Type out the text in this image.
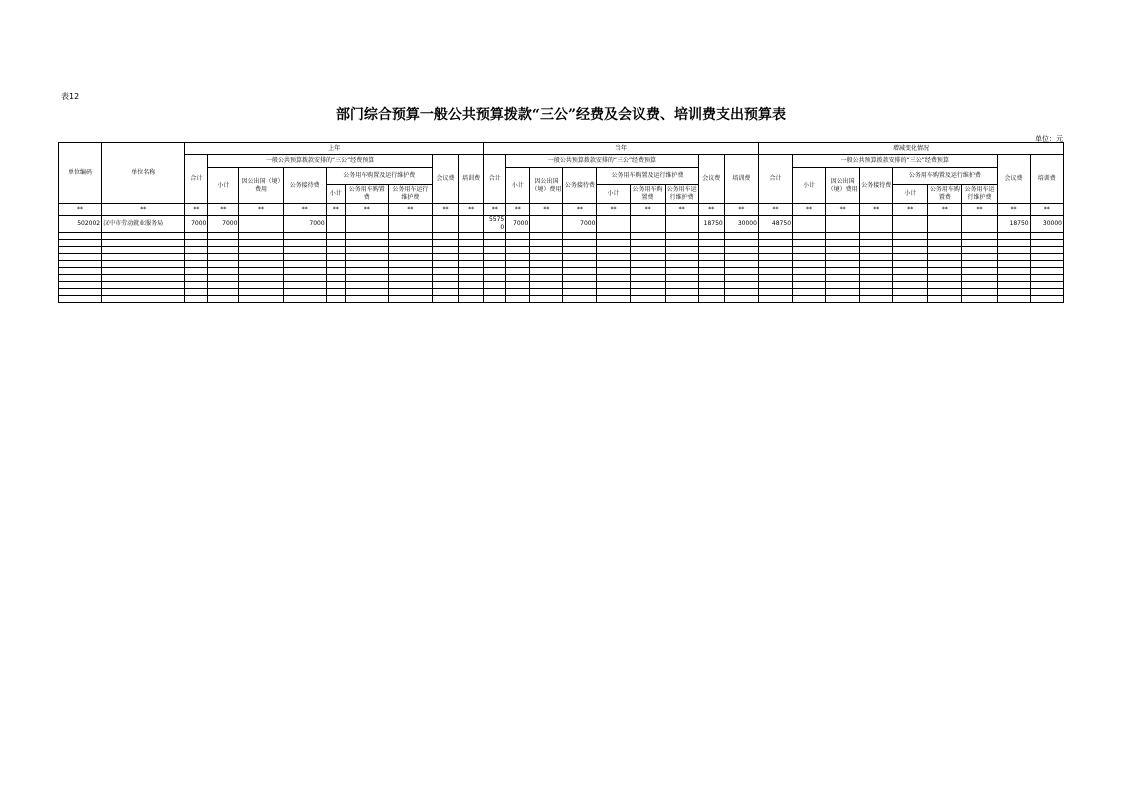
表12
部门综合预算一般公共预算拨款“三公”经费及会议费、培训费支出预算表
单位：元
单位编码	单位名称	上年									当年									增减变化情况								
		合计	一般公共预算拨款安排的“三公”经费预算						会议费	培训费	合计	一般公共预算拨款安排的“三公”经费预算						会议费	培训费	合计	一般公共预算拨款安排的“三公”经费预算						会议费	培训费
			小计	因公出国（境）费用	公务接待费	公务用车购置及运行维护费						小计	因公出国（境）费用	公务接待费	公务用车购置及运行维护费						小计	因公出国（境）费用	公务接待费	公务用车购置及运行维护费				
						小计	公务用车购置费	公务用车运行维护费							小计	公务用车购置费	公务用车运行维护费							小计	公务用车购置费	公务用车运行维护费		

**	**	**	**	**	**	**	**	**	**	**	**	**	**	**	**	**	**	**	**	**	**	**	**	**	**	**	**	**
502002	汉中市劳动就业服务局	7000	7000		7000						55750	7000		7000				18750	30000	48750							18750	30000
